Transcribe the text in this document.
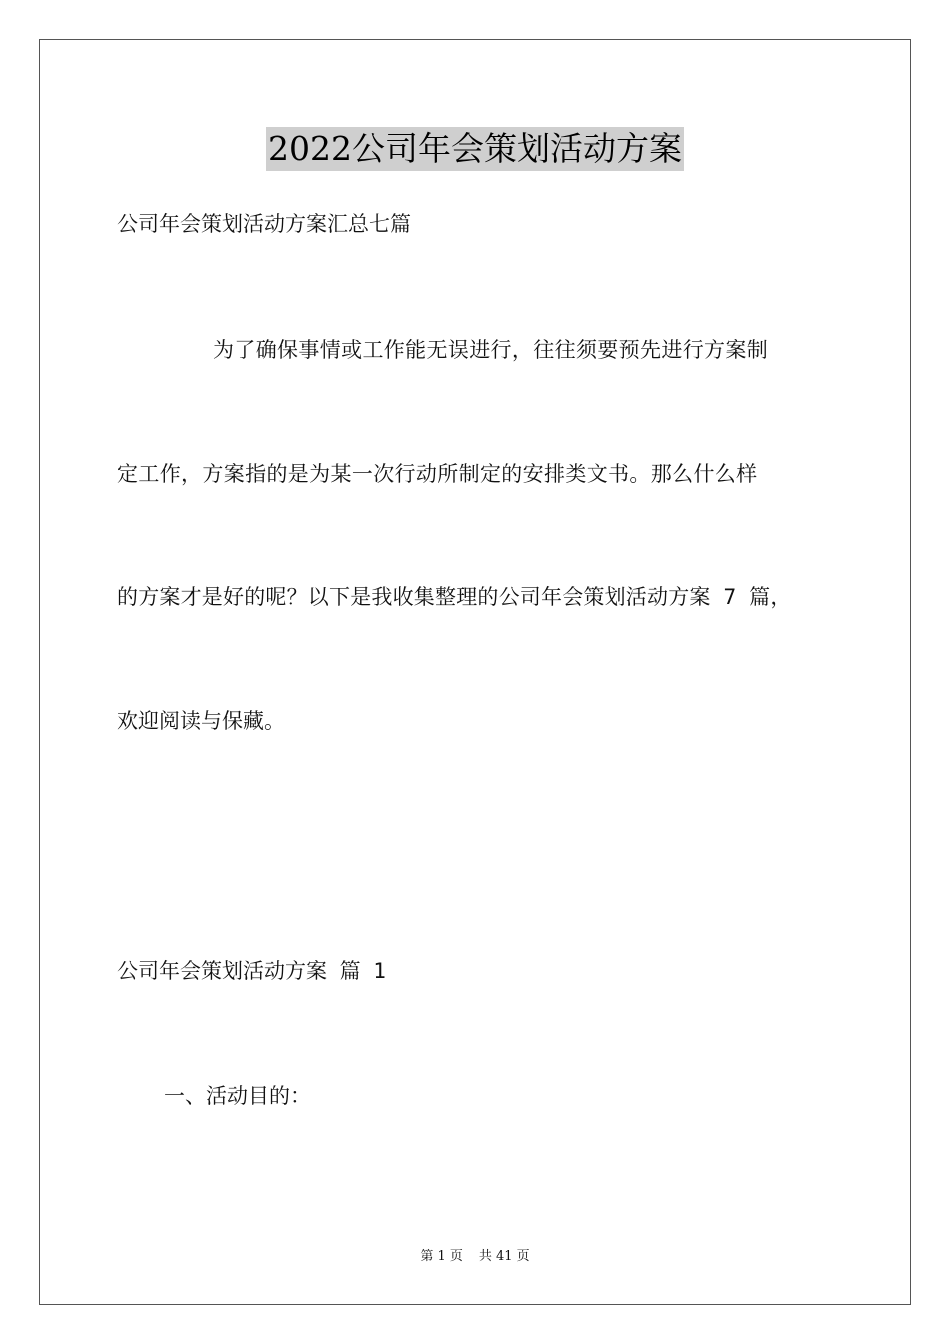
2022公司年会策划活动方案
公司年会策划活动方案汇总七篇
为了确保事情或工作能无误进行，往往须要预先进行方案制
定工作，方案指的是为某一次行动所制定的安排类文书。那么什么样
的方案才是好的呢？以下是我收集整理的公司年会策划活动方案 7 篇，
欢迎阅读与保藏。
公司年会策划活动方案 篇 1
一、活动目的：
第 1 页 共 41 页
